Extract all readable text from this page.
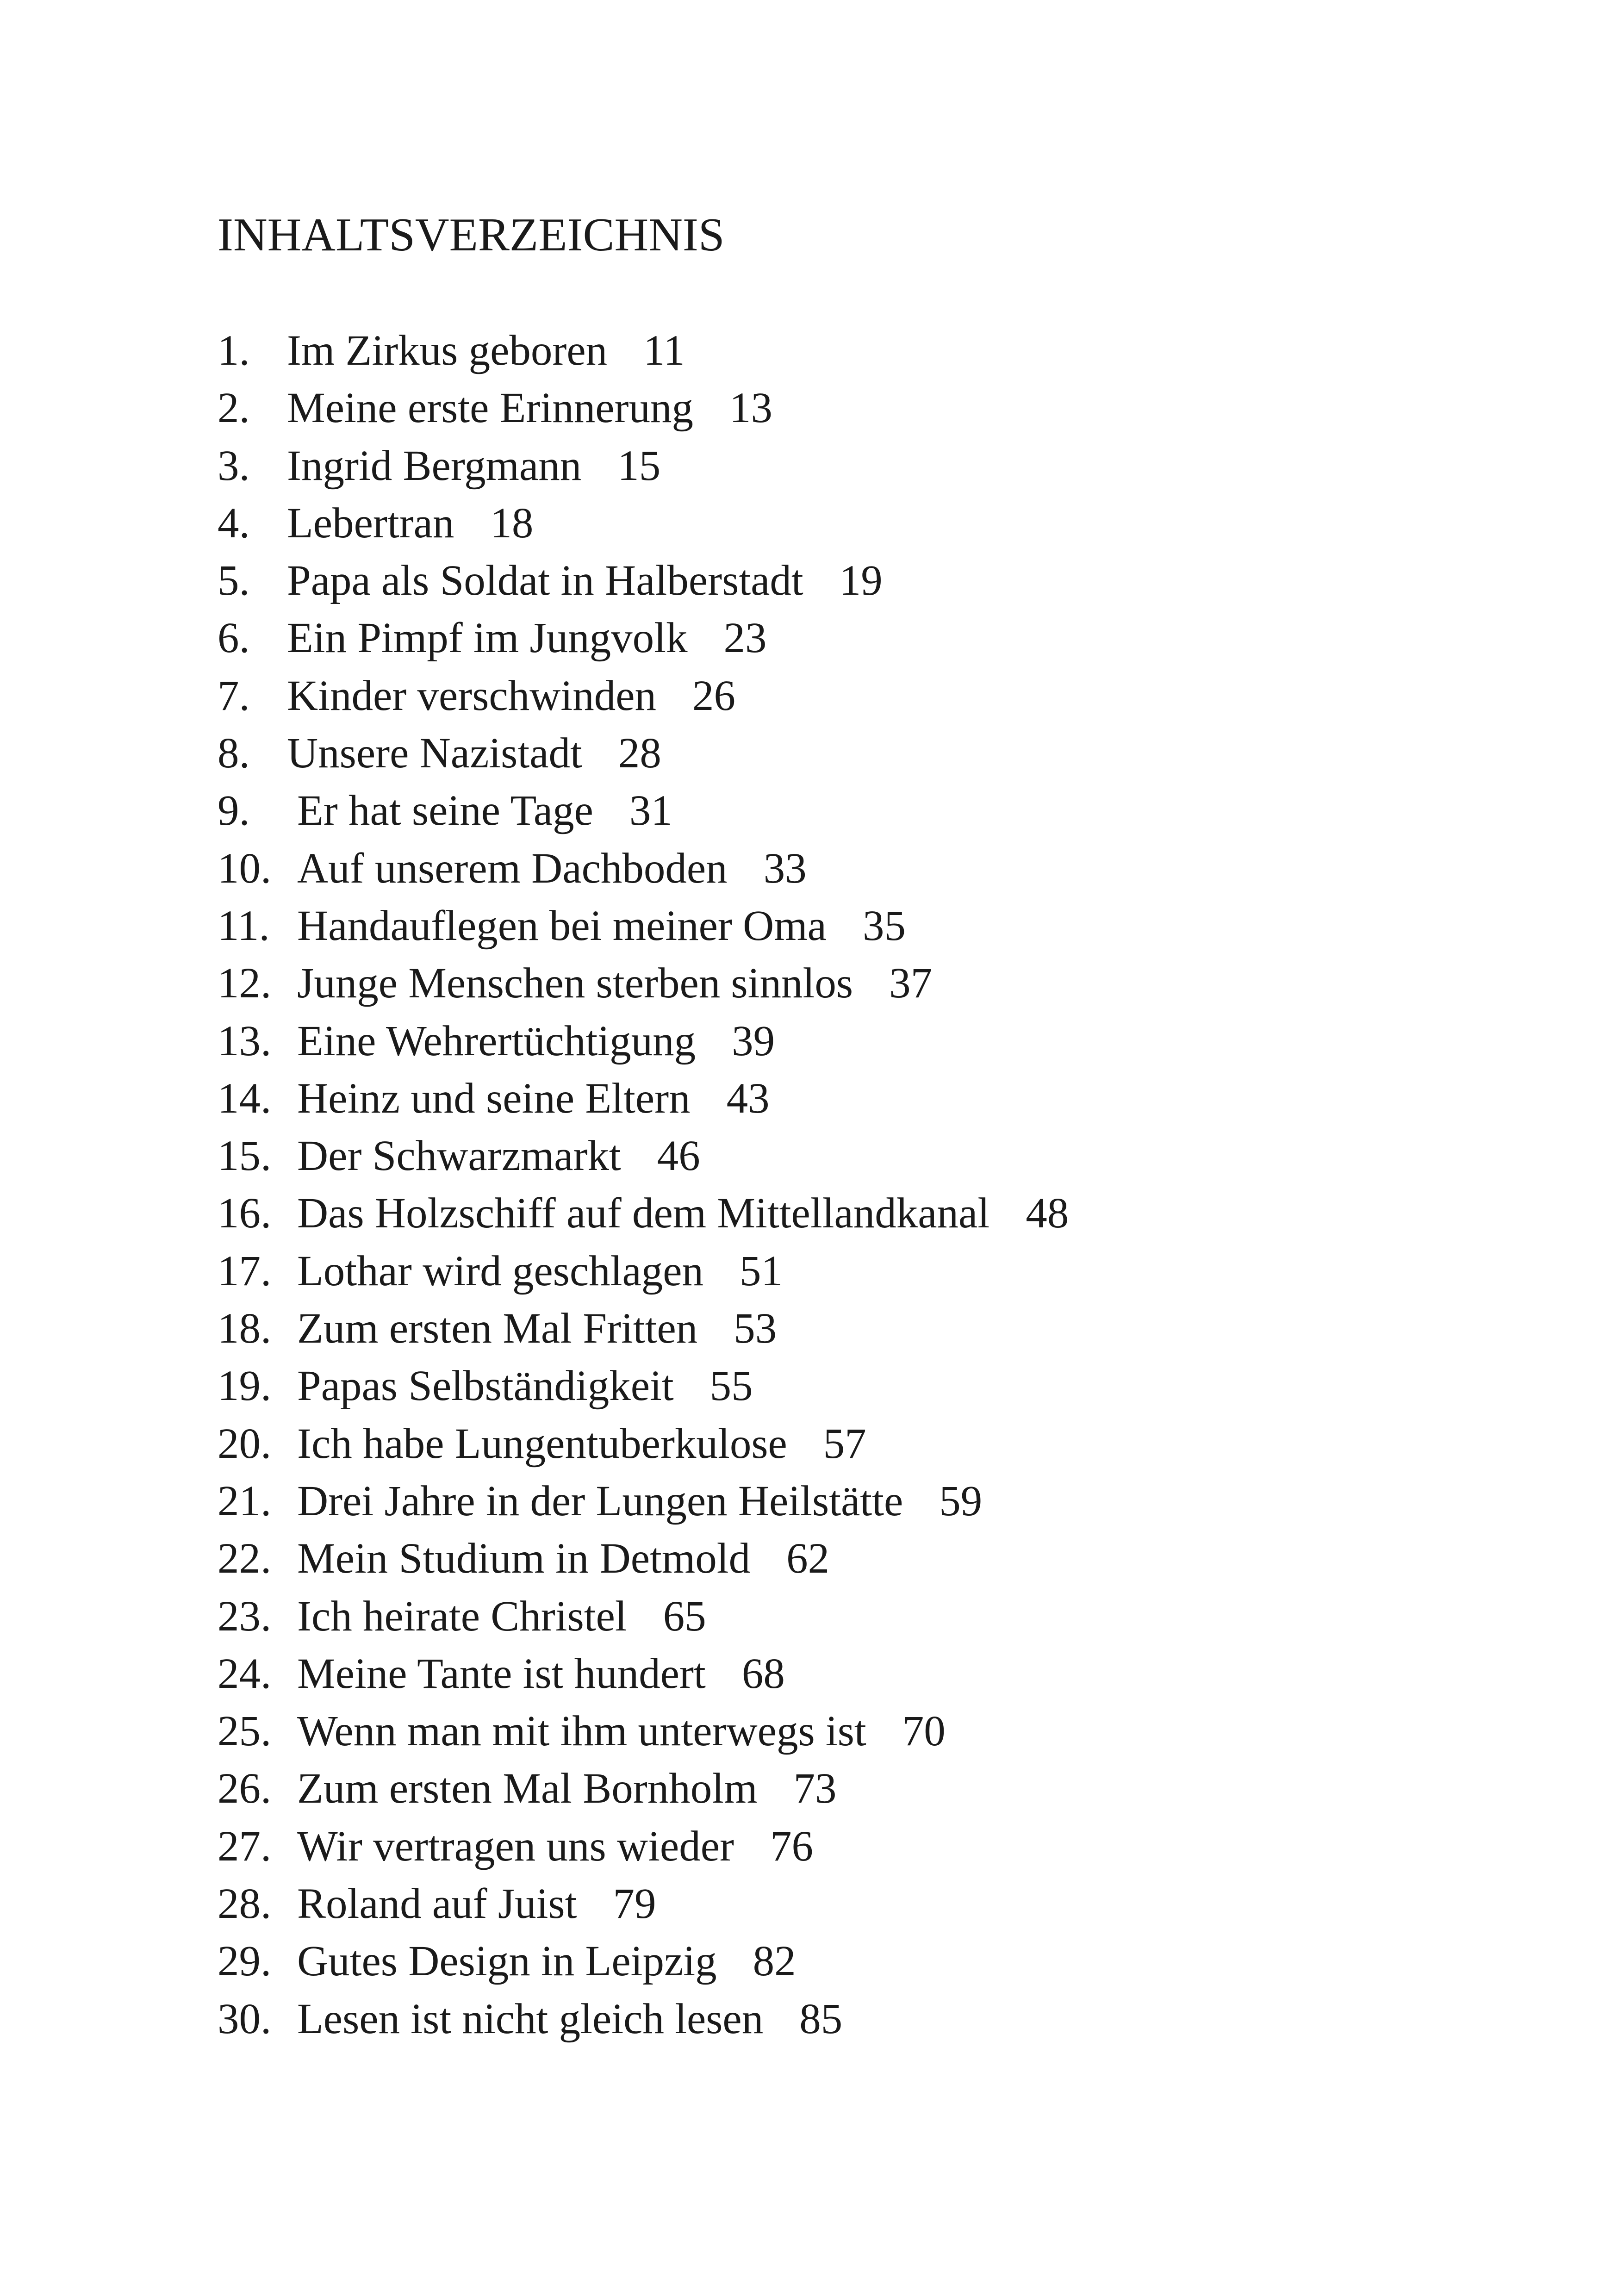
INHALTSVERZEICHNIS
1. Im Zirkus geboren 11
2. Meine erste Erinnerung 13
3. Ingrid Bergmann 15
4. Lebertran 18
5. Papa als Soldat in Halberstadt 19
6. Ein Pimpf im Jungvolk 23
7. Kinder verschwinden 26
8. Unsere Nazistadt 28
9.	Er hat seine Tage 31
10. Auf unserem Dachboden 33
11. Handauflegen bei meiner Oma 35
12. Junge Menschen sterben sinnlos 37
13. Eine Wehrertüchtigung 39
14. Heinz und seine Eltern 43
15. Der Schwarzmarkt 46
16. Das Holzschiff auf dem Mittellandkanal 48
17. Lothar wird geschlagen 51
18. Zum ersten Mal Fritten 53
19. Papas Selbständigkeit 55
20. Ich habe Lungentuberkulose 57
21. Drei Jahre in der Lungen Heilstätte 59
22. Mein Studium in Detmold 62
23. Ich heirate Christel 65
24. Meine Tante ist hundert 68
25. Wenn man mit ihm unterwegs ist 70
26. Zum ersten Mal Bornholm 73
27. Wir vertragen uns wieder 76
28. Roland auf Juist 79
29. Gutes Design in Leipzig 82
30. Lesen ist nicht gleich lesen 85
